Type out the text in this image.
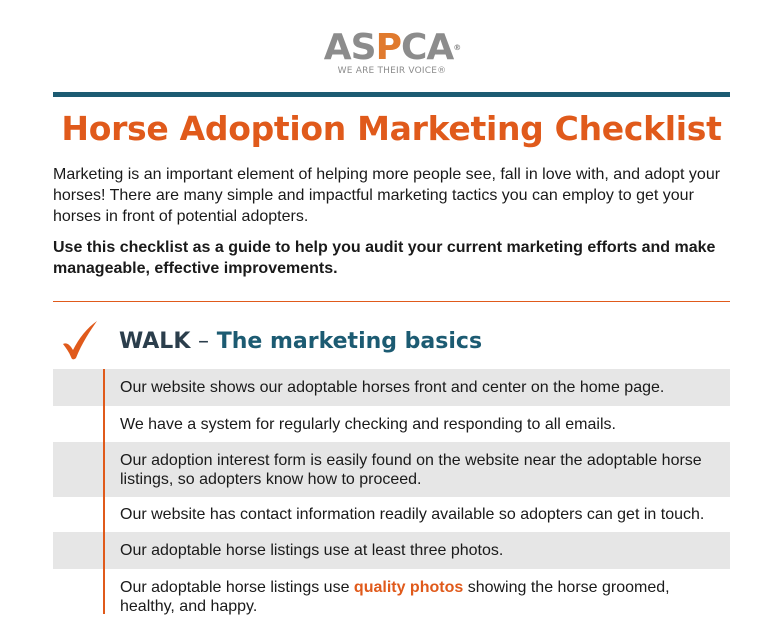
ASPCA®
WE ARE THEIR VOICE®
Horse Adoption Marketing Checklist

Marketing is an important element of helping more people see, fall in love with, and adopt your horses! There are many simple and impactful marketing tactics you can employ to get your horses in front of potential adopters.

Use this checklist as a guide to help you audit your current marketing efforts and make manageable, effective improvements.

WALK – The marketing basics
Our website shows our adoptable horses front and center on the home page.
We have a system for regularly checking and responding to all emails.
Our adoption interest form is easily found on the website near the adoptable horse listings, so adopters know how to proceed.
Our website has contact information readily available so adopters can get in touch.
Our adoptable horse listings use at least three photos.
Our adoptable horse listings use quality photos showing the horse groomed, healthy, and happy.
